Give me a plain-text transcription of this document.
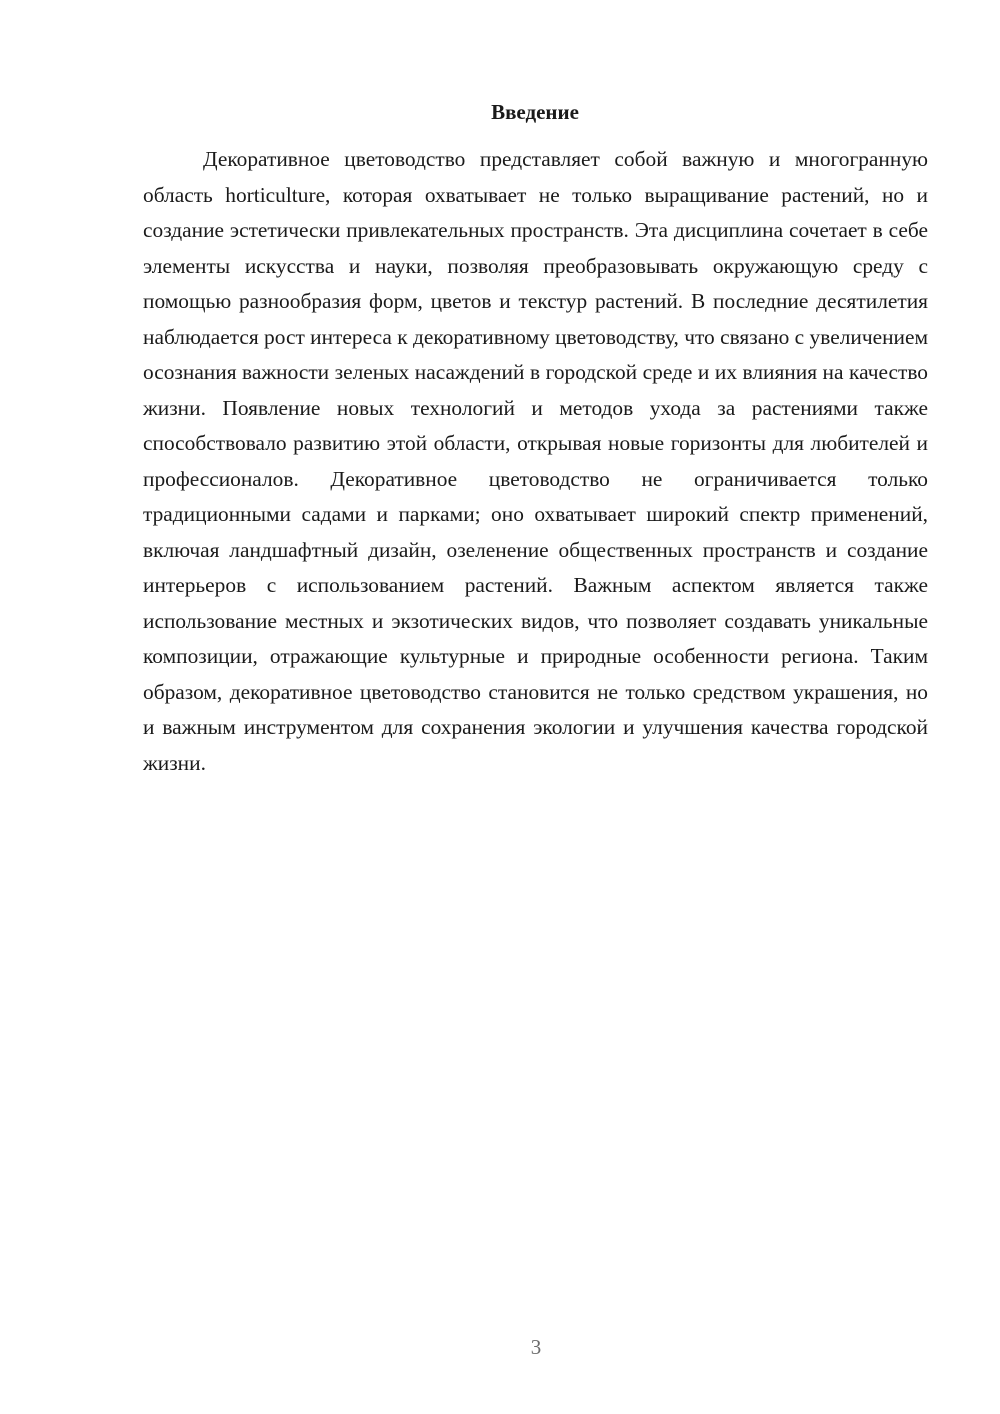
Введение

Декоративное цветоводство представляет собой важную и многогранную область horticulture, которая охватывает не только выращивание растений, но и создание эстетически привлекательных пространств. Эта дисциплина сочетает в себе элементы искусства и науки, позволяя преобразовывать окружающую среду с помощью разнообразия форм, цветов и текстур растений. В последние десятилетия наблюдается рост интереса к декоративному цветоводству, что связано с увеличением осознания важности зеленых насаждений в городской среде и их влияния на качество жизни. Появление новых технологий и методов ухода за растениями также способствовало развитию этой области, открывая новые горизонты для любителей и профессионалов. Декоративное цветоводство не ограничивается только традиционными садами и парками; оно охватывает широкий спектр применений, включая ландшафтный дизайн, озеленение общественных пространств и создание интерьеров с использованием растений. Важным аспектом является также использование местных и экзотических видов, что позволяет создавать уникальные композиции, отражающие культурные и природные особенности региона. Таким образом, декоративное цветоводство становится не только средством украшения, но и важным инструментом для сохранения экологии и улучшения качества городской жизни.

3
